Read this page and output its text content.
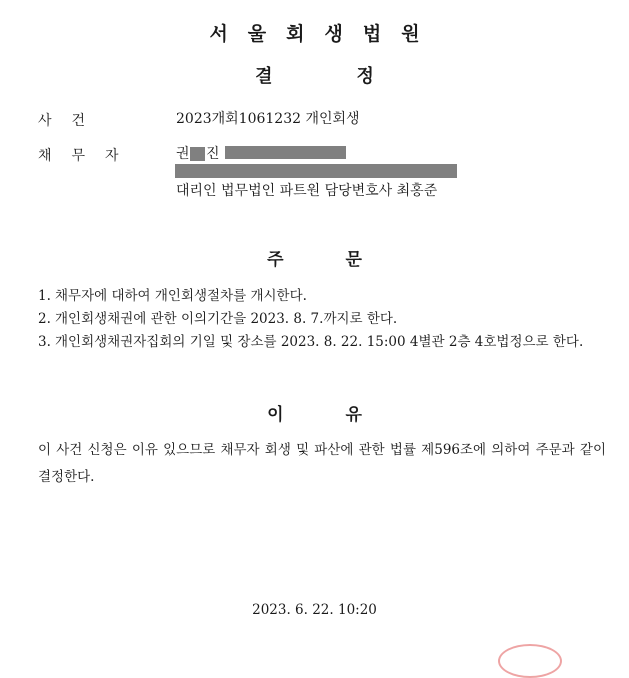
서울회생법원
결정
사건	2023개회1061232 개인회생
채무자	권 진
대리인 법무법인 파트원 담당변호사 최홍준
주문
1. 채무자에 대하여 개인회생절차를 개시한다.
2. 개인회생채권에 관한 이의기간을 2023. 8. 7.까지로 한다.
3. 개인회생채권자집회의 기일 및 장소를 2023. 8. 22. 15:00 4별관 2층 4호법정으로 한다.
이유
이 사건 신청은 이유 있으므로 채무자 회생 및 파산에 관한 법률 제596조에 의하여 주문과 같이 결정한다.
2023. 6. 22. 10:20
